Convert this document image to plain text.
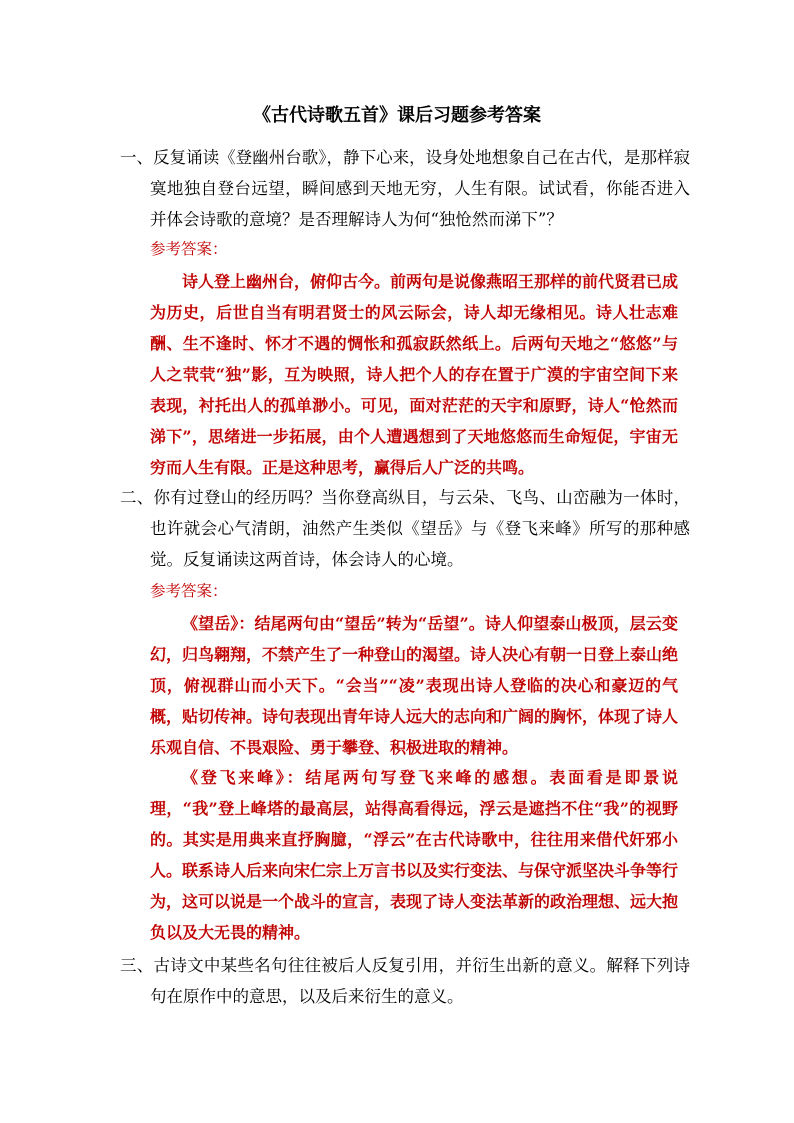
《古代诗歌五首》课后习题参考答案

一、反复诵读《登幽州台歌》，静下心来，设身处地想象自己在古代，是那样寂寞地独自登台远望，瞬间感到天地无穷，人生有限。试试看，你能否进入并体会诗歌的意境？是否理解诗人为何“独怆然而涕下”？

参考答案：

诗人登上幽州台，俯仰古今。前两句是说像燕昭王那样的前代贤君已成为历史，后世自当有明君贤士的风云际会，诗人却无缘相见。诗人壮志难酬、生不逢时、怀才不遇的惆怅和孤寂跃然纸上。后两句天地之“悠悠”与人之茕茕“独”影，互为映照，诗人把个人的存在置于广漠的宇宙空间下来表现，衬托出人的孤单渺小。可见，面对茫茫的天宇和原野，诗人“怆然而涕下”，思绪进一步拓展，由个人遭遇想到了天地悠悠而生命短促，宇宙无穷而人生有限。正是这种思考，赢得后人广泛的共鸣。

二、你有过登山的经历吗？当你登高纵目，与云朵、飞鸟、山峦融为一体时，也许就会心气清朗，油然产生类似《望岳》与《登飞来峰》所写的那种感觉。反复诵读这两首诗，体会诗人的心境。

参考答案：

《望岳》：结尾两句由“望岳”转为“岳望”。诗人仰望泰山极顶，层云变幻，归鸟翱翔，不禁产生了一种登山的渴望。诗人决心有朝一日登上泰山绝顶，俯视群山而小天下。“会当”“凌”表现出诗人登临的决心和豪迈的气概，贴切传神。诗句表现出青年诗人远大的志向和广阔的胸怀，体现了诗人乐观自信、不畏艰险、勇于攀登、积极进取的精神。

《登飞来峰》：结尾两句写登飞来峰的感想。表面看是即景说理，“我”登上峰塔的最高层，站得高看得远，浮云是遮挡不住“我”的视野的。其实是用典来直抒胸臆，“浮云”在古代诗歌中，往往用来借代奸邪小人。联系诗人后来向宋仁宗上万言书以及实行变法、与保守派坚决斗争等行为，这可以说是一个战斗的宣言，表现了诗人变法革新的政治理想、远大抱负以及大无畏的精神。

三、古诗文中某些名句往往被后人反复引用，并衍生出新的意义。解释下列诗句在原作中的意思，以及后来衍生的意义。
